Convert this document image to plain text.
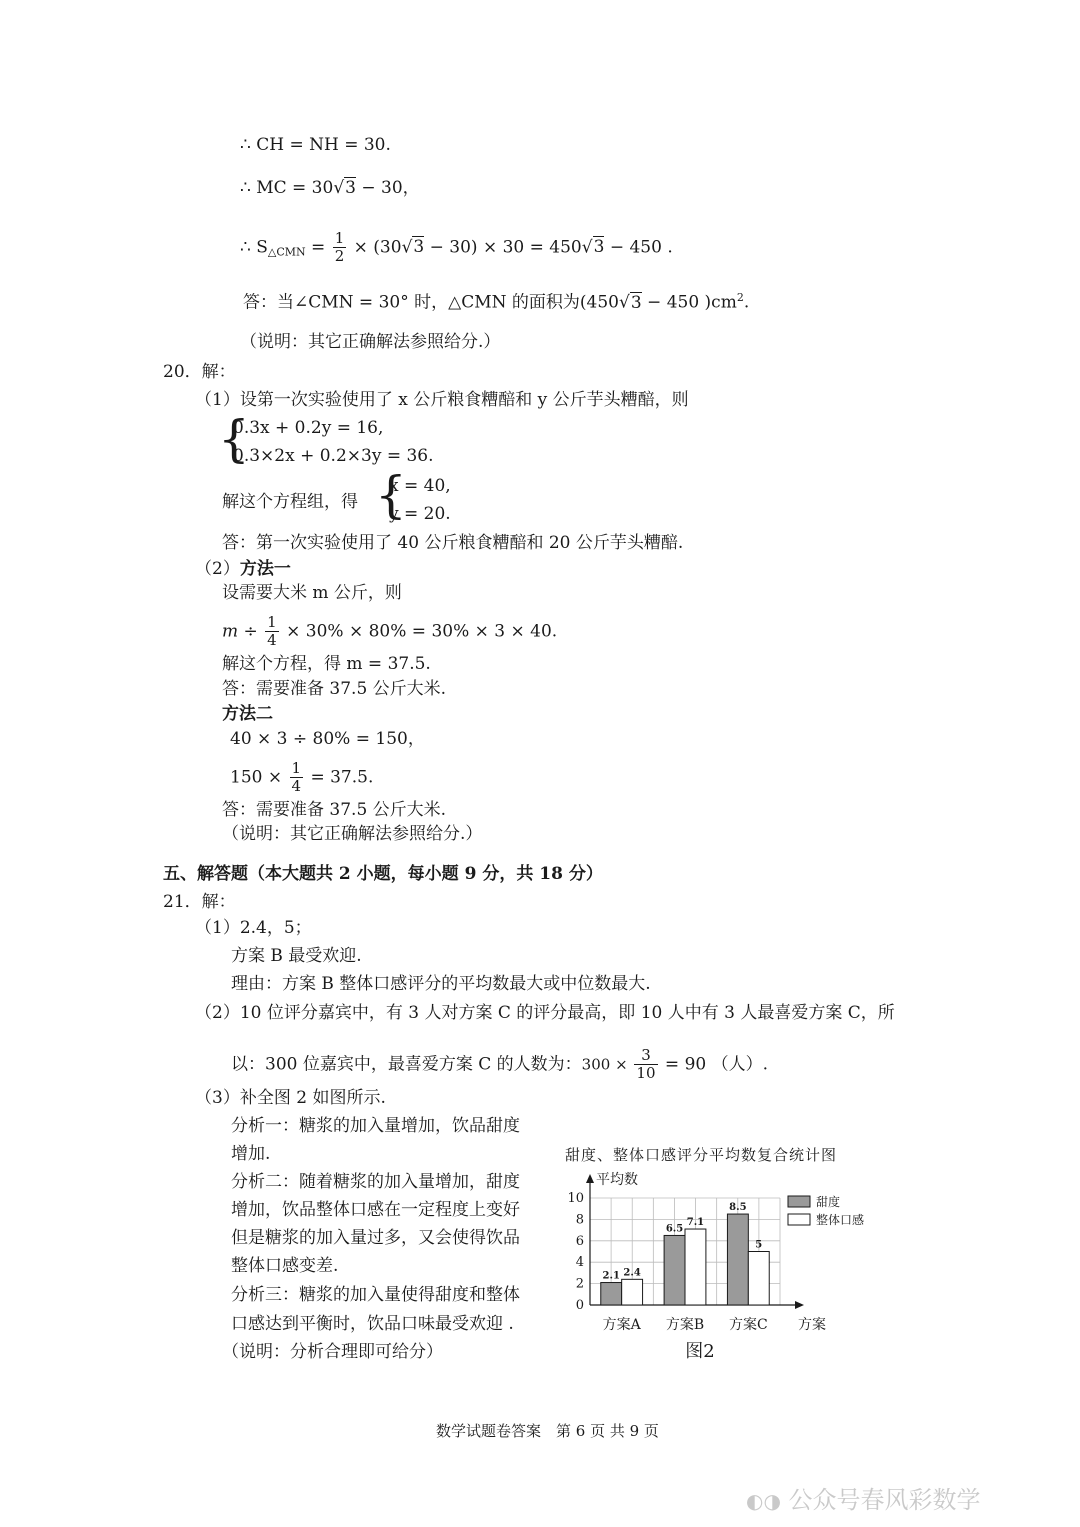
∴ CH = NH = 30.
∴ MC = 30√3 − 30，
∴ $S_{\triangle CMN} = \frac{1}{2} \times (30√3 - 30) \times 30 = 450√3 - 450$ .
答：当∠CMN = 30° 时，△CMN 的面积为(450√3 − 450 )$cm^2$.
（说明：其它正确解法参照给分.）
20．解：
（1）设第一次实验使用了 x 公斤粮食糟醅和 y 公斤芋头糟醅，则
{
0.3x + 0.2y = 16,
0.3×2x + 0.2×3y = 36.
解这个方程组，得 {
x = 40,
y = 20.
答：第一次实验使用了 40 公斤粮食糟醅和 20 公斤芋头糟醅.
（2）方法一
设需要大米 m 公斤，则
$m \div \frac{1}{4} \times 30\% \times 80\% = 30\% \times 3 \times 40$.
解这个方程，得 m = 37.5.
答：需要准备 37.5 公斤大米.
方法二
40 × 3 ÷ 80% = 150，
$150 \times \frac{1}{4} = 37.5$.
答：需要准备 37.5 公斤大米.
（说明：其它正确解法参照给分.）
五、解答题（本大题共 2 小题，每小题 9 分，共 18 分）
21．解：
（1）2.4，5；
方案 B 最受欢迎.
理由：方案 B 整体口感评分的平均数最大或中位数最大.
（2）10 位评分嘉宾中，有 3 人对方案 C 的评分最高，即 10 人中有 3 人最喜爱方案 C，所
以：300 位嘉宾中，最喜爱方案 C 的人数为：$300 \times \frac{3}{10} = 90$ （人）.
（3）补全图 2 如图所示.
分析一：糖浆的加入量增加，饮品甜度
增加.
分析二：随着糖浆的加入量增加，甜度
增加，饮品整体口感在一定程度上变好
但是糖浆的加入量过多，又会使得饮品
整体口感变差.
分析三：糖浆的加入量使得甜度和整体
口感达到平衡时，饮品口味最受欢迎 .
（说明：分析合理即可给分）
甜度、整体口感评分平均数复合统计图
0
2
4
6
8
10
平均数
方案
2.1 2.4
方案A
6.5
7.1
方案B
8.5
5
方案C
甜度
整体口感
图2
数学试题卷答案　第 6 页 共 9 页
◐◑ 公众号春风彩数学
